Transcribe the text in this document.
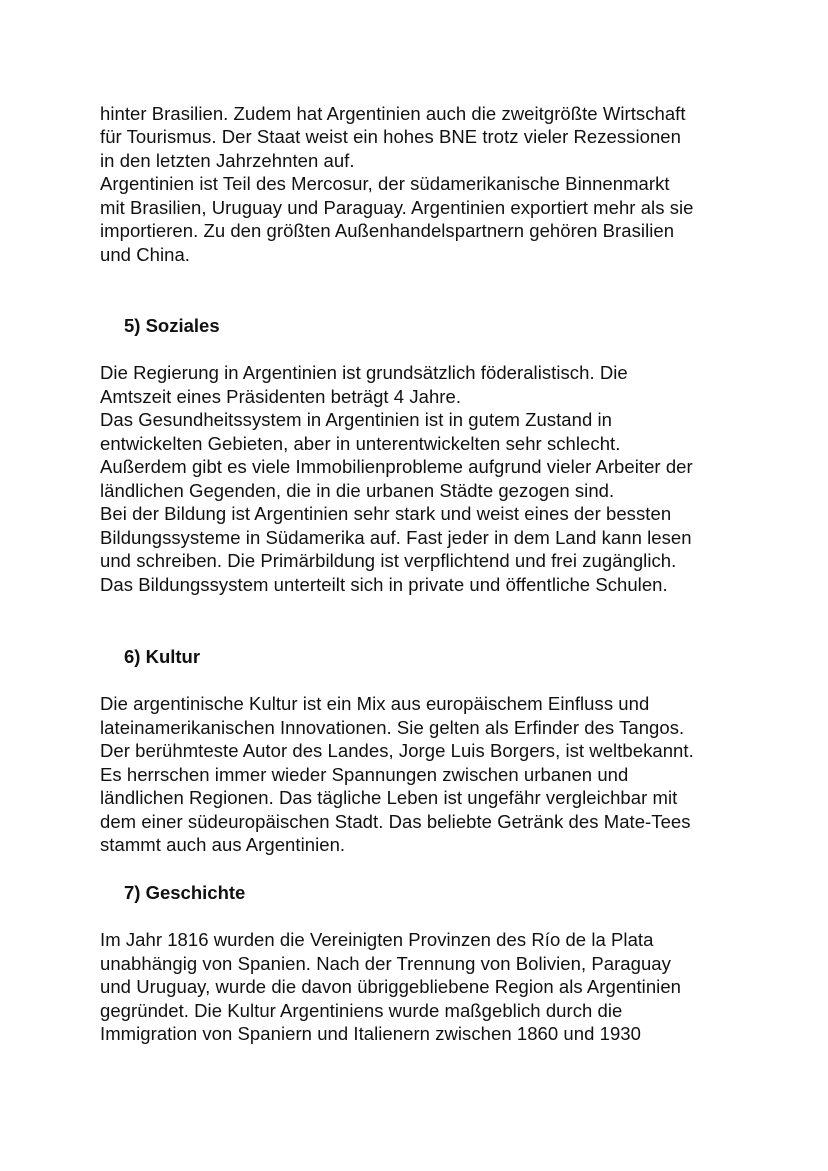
hinter Brasilien. Zudem hat Argentinien auch die zweitgrößte Wirtschaft
für Tourismus. Der Staat weist ein hohes BNE trotz vieler Rezessionen
in den letzten Jahrzehnten auf.
Argentinien ist Teil des Mercosur, der südamerikanische Binnenmarkt
mit Brasilien, Uruguay und Paraguay. Argentinien exportiert mehr als sie
importieren. Zu den größten Außenhandelspartnern gehören Brasilien
und China.
5) Soziales
Die Regierung in Argentinien ist grundsätzlich föderalistisch. Die
Amtszeit eines Präsidenten beträgt 4 Jahre.
Das Gesundheitssystem in Argentinien ist in gutem Zustand in
entwickelten Gebieten, aber in unterentwickelten sehr schlecht.
Außerdem gibt es viele Immobilienprobleme aufgrund vieler Arbeiter der
ländlichen Gegenden, die in die urbanen Städte gezogen sind.
Bei der Bildung ist Argentinien sehr stark und weist eines der bessten
Bildungssysteme in Südamerika auf. Fast jeder in dem Land kann lesen
und schreiben. Die Primärbildung ist verpflichtend und frei zugänglich.
Das Bildungssystem unterteilt sich in private und öffentliche Schulen.
6) Kultur
Die argentinische Kultur ist ein Mix aus europäischem Einfluss und
lateinamerikanischen Innovationen. Sie gelten als Erfinder des Tangos.
Der berühmteste Autor des Landes, Jorge Luis Borgers, ist weltbekannt.
Es herrschen immer wieder Spannungen zwischen urbanen und
ländlichen Regionen. Das tägliche Leben ist ungefähr vergleichbar mit
dem einer südeuropäischen Stadt. Das beliebte Getränk des Mate-Tees
stammt auch aus Argentinien.
7) Geschichte
Im Jahr 1816 wurden die Vereinigten Provinzen des Río de la Plata
unabhängig von Spanien. Nach der Trennung von Bolivien, Paraguay
und Uruguay, wurde die davon übriggebliebene Region als Argentinien
gegründet. Die Kultur Argentiniens wurde maßgeblich durch die
Immigration von Spaniern und Italienern zwischen 1860 und 1930
